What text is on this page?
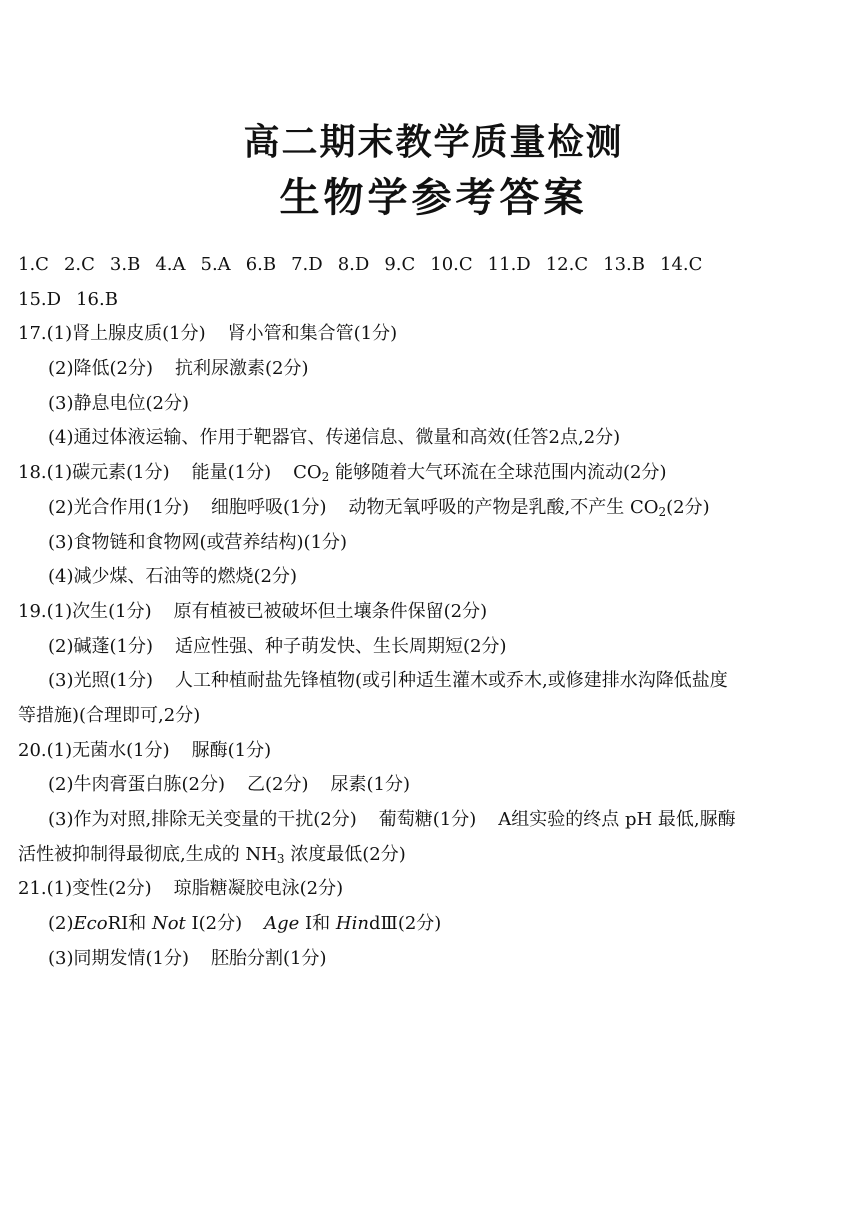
高二期末教学质量检测
生物学参考答案
1.C 2.C 3.B 4.A 5.A 6.B 7.D 8.D 9.C 10.C 11.D 12.C 13.B 14.C
15.D 16.B
17.(1)肾上腺皮质(1分) 肾小管和集合管(1分)
(2)降低(2分) 抗利尿激素(2分)
(3)静息电位(2分)
(4)通过体液运输、作用于靶器官、传递信息、微量和高效(任答2点,2分)
18.(1)碳元素(1分) 能量(1分) $CO_2$ 能够随着大气环流在全球范围内流动(2分)
(2)光合作用(1分) 细胞呼吸(1分) 动物无氧呼吸的产物是乳酸,不产生 $CO_2(2$分)
(3)食物链和食物网(或营养结构)(1分)
(4)减少煤、石油等的燃烧(2分)
19.(1)次生(1分) 原有植被已被破坏但土壤条件保留(2分)
(2)碱蓬(1分) 适应性强、种子萌发快、生长周期短(2分)
(3)光照(1分) 人工种植耐盐先锋植物(或引种适生灌木或乔木,或修建排水沟降低盐度
等措施)(合理即可,2分)
20.(1)无菌水(1分) 脲酶(1分)
(2)牛肉膏蛋白胨(2分) 乙(2分) 尿素(1分)
(3)作为对照,排除无关变量的干扰(2分) 葡萄糖(1分) A组实验的终点 pH 最低,脲酶
活性被抑制得最彻底,生成的 $NH_3$ 浓度最低(2分)
21.(1)变性(2分) 琼脂糖凝胶电泳(2分)
(2)EcoRⅠ和 Not Ⅰ(2分) Age Ⅰ和 HindⅢ(2分)
(3)同期发情(1分) 胚胎分割(1分)
